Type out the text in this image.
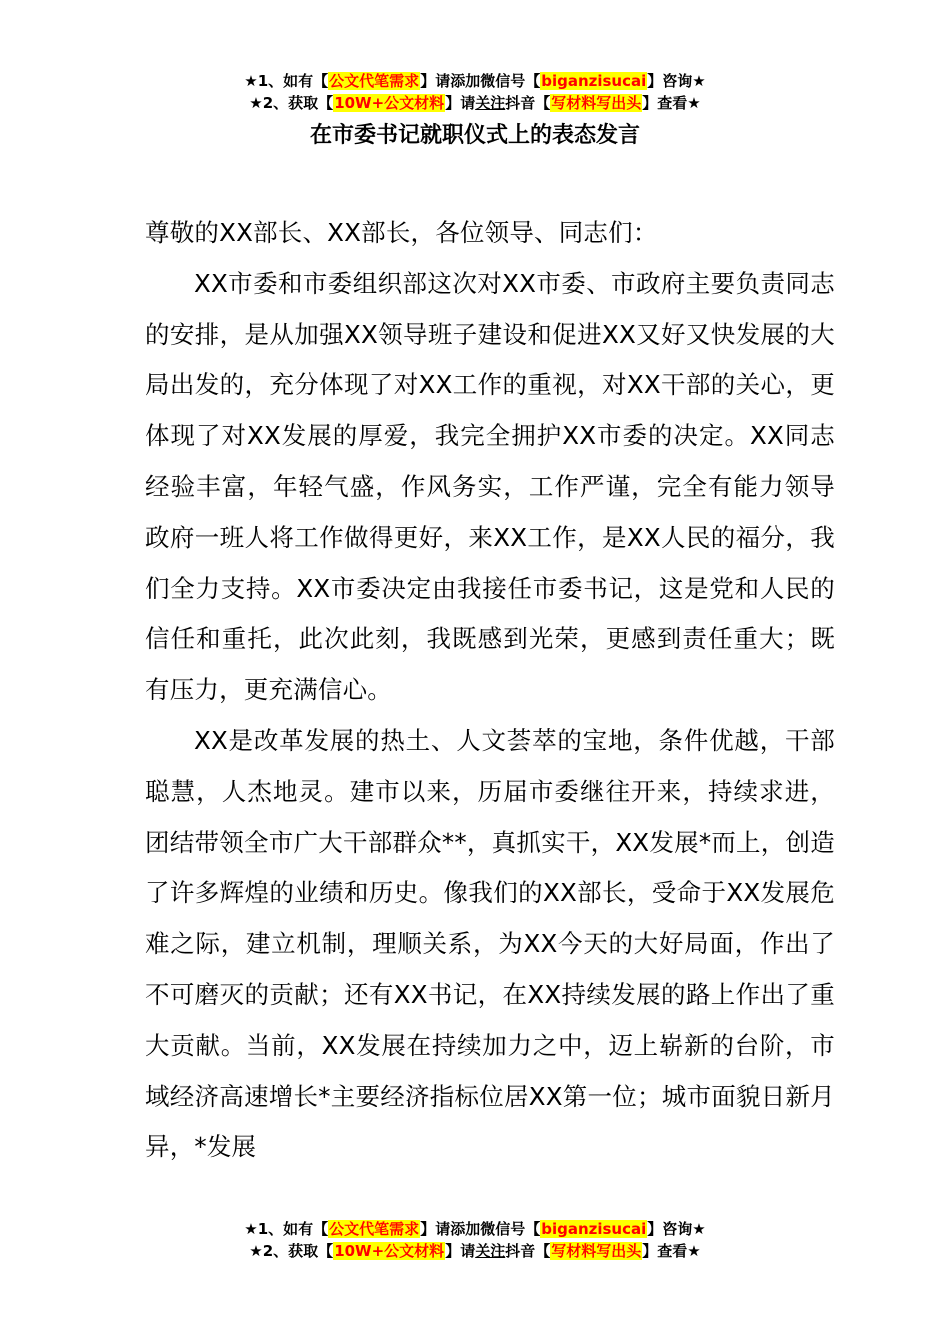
★1、如有【公文代笔需求】请添加微信号【biganzisucai】咨询★
★2、获取【10W+公文材料】请关注抖音【写材料写出头】查看★
在市委书记就职仪式上的表态发言

尊敬的XX部长、XX部长，各位领导、同志们：

XX市委和市委组织部这次对XX市委、市政府主要负责同志的安排，是从加强XX领导班子建设和促进XX又好又快发展的大局出发的，充分体现了对XX工作的重视，对XX干部的关心，更体现了对XX发展的厚爱，我完全拥护XX市委的决定。XX同志经验丰富，年轻气盛，作风务实，工作严谨，完全有能力领导政府一班人将工作做得更好，来XX工作，是XX人民的福分，我们全力支持。XX市委决定由我接任市委书记，这是党和人民的信任和重托，此次此刻，我既感到光荣，更感到责任重大；既有压力，更充满信心。

XX是改革发展的热土、人文荟萃的宝地，条件优越，干部聪慧，人杰地灵。建市以来，历届市委继往开来，持续求进，团结带领全市广大干部群众**，真抓实干，XX发展*而上，创造了许多辉煌的业绩和历史。像我们的XX部长，受命于XX发展危难之际，建立机制，理顺关系，为XX今天的大好局面，作出了不可磨灭的贡献；还有XX书记，在XX持续发展的路上作出了重大贡献。当前，XX发展在持续加力之中，迈上崭新的台阶，市域经济高速增长*主要经济指标位居XX第一位；城市面貌日新月异，*发展

★1、如有【公文代笔需求】请添加微信号【biganzisucai】咨询★
★2、获取【10W+公文材料】请关注抖音【写材料写出头】查看★
